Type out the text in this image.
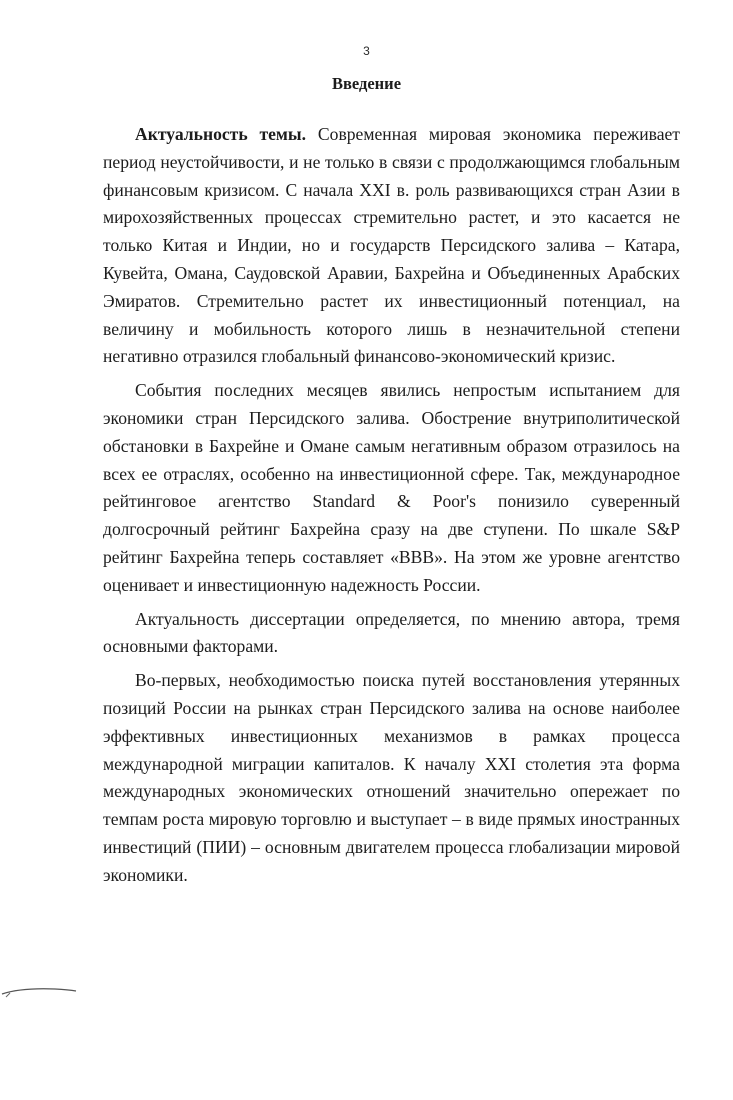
3
Введение

Актуальность темы. Современная мировая экономика переживает период неустойчивости, и не только в связи с продолжающимся глобальным финансовым кризисом. С начала XXI в. роль развивающихся стран Азии в мирохозяйственных процессах стремительно растет, и это касается не только Китая и Индии, но и государств Персидского залива – Катара, Кувейта, Омана, Саудовской Аравии, Бахрейна и Объединенных Арабских Эмиратов. Стремительно растет их инвестиционный потенциал, на величину и мобильность которого лишь в незначительной степени негативно отразился глобальный финансово-экономический кризис.

События последних месяцев явились непростым испытанием для экономики стран Персидского залива. Обострение внутриполитической обстановки в Бахрейне и Омане самым негативным образом отразилось на всех ее отраслях, особенно на инвестиционной сфере. Так, международное рейтинговое агентство Standard & Poor's понизило суверенный долгосрочный рейтинг Бахрейна сразу на две ступени. По шкале S&P рейтинг Бахрейна теперь составляет «BBB». На этом же уровне агентство оценивает и инвестиционную надежность России.

Актуальность диссертации определяется, по мнению автора, тремя основными факторами.

Во-первых, необходимостью поиска путей восстановления утерянных позиций России на рынках стран Персидского залива на основе наиболее эффективных инвестиционных механизмов в рамках процесса международной миграции капиталов. К началу XXI столетия эта форма международных экономических отношений значительно опережает по темпам роста мировую торговлю и выступает – в виде прямых иностранных инвестиций (ПИИ) – основным двигателем процесса глобализации мировой экономики.
